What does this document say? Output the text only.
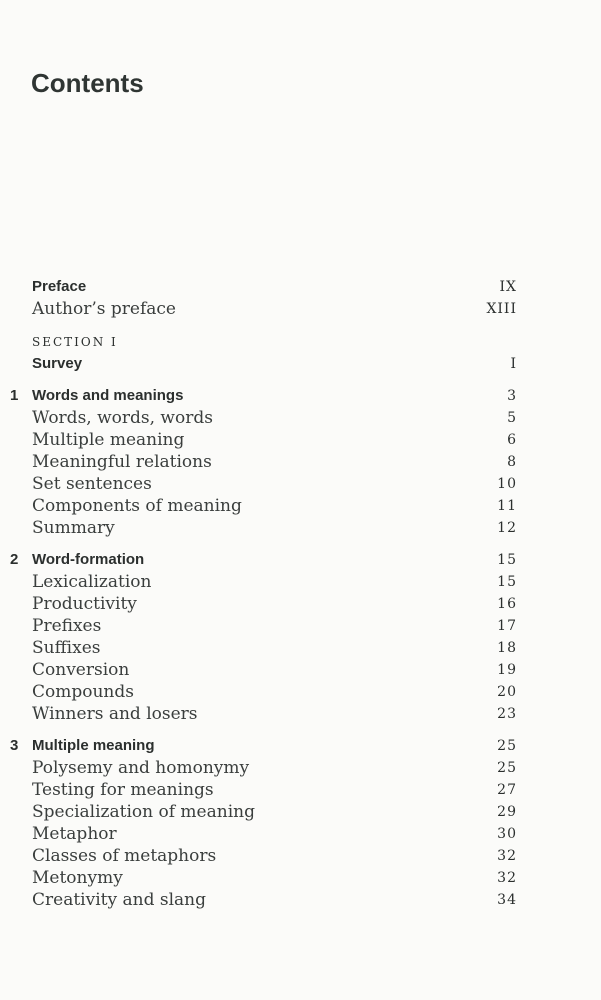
Contents
Preface	IX
Author’s preface	XIII
SECTION I
Survey	I
1 Words and meanings	3
Words, words, words	5
Multiple meaning	6
Meaningful relations	8
Set sentences	10
Components of meaning	11
Summary	12
2 Word-formation	15
Lexicalization	15
Productivity	16
Prefixes	17
Suffixes	18
Conversion	19
Compounds	20
Winners and losers	23
3 Multiple meaning	25
Polysemy and homonymy	25
Testing for meanings	27
Specialization of meaning	29
Metaphor	30
Classes of metaphors	32
Metonymy	32
Creativity and slang	34
